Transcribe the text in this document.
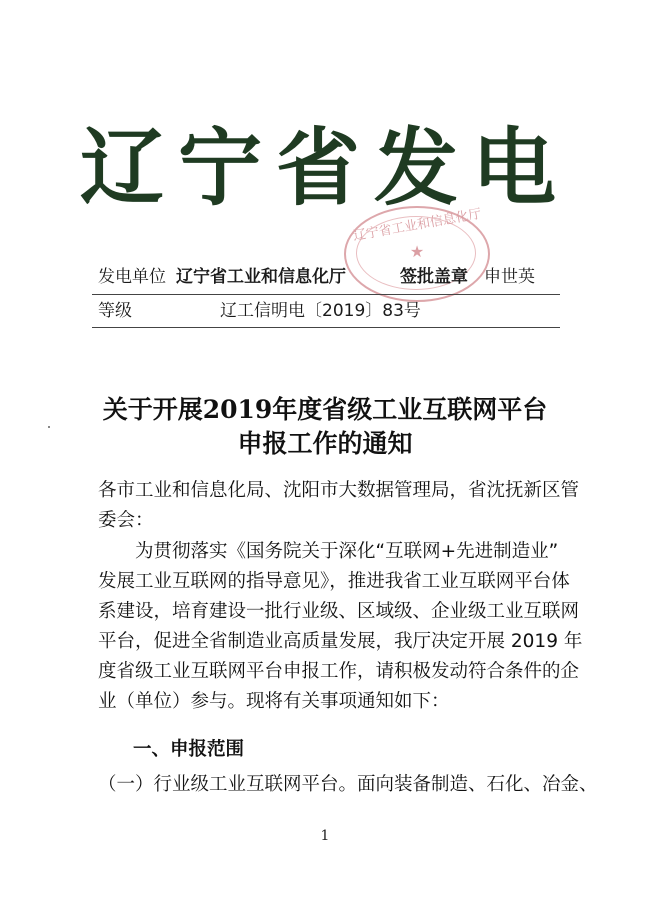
辽宁省发电
辽宁省工业和信息化厅
★
发电单位 辽宁省工业和信息化厅	签批盖章 申世英
等级	辽工信明电〔2019〕83号
关于开展2019年度省级工业互联网平台
申报工作的通知
各市工业和信息化局、沈阳市大数据管理局，省沈抚新区管
委会：
为贯彻落实《国务院关于深化“互联网+先进制造业”
发展工业互联网的指导意见》，推进我省工业互联网平台体
系建设，培育建设一批行业级、区域级、企业级工业互联网
平台，促进全省制造业高质量发展，我厅决定开展 2019 年
度省级工业互联网平台申报工作，请积极发动符合条件的企
业（单位）参与。现将有关事项通知如下：
一、申报范围
（一）行业级工业互联网平台。面向装备制造、石化、冶金、
1
